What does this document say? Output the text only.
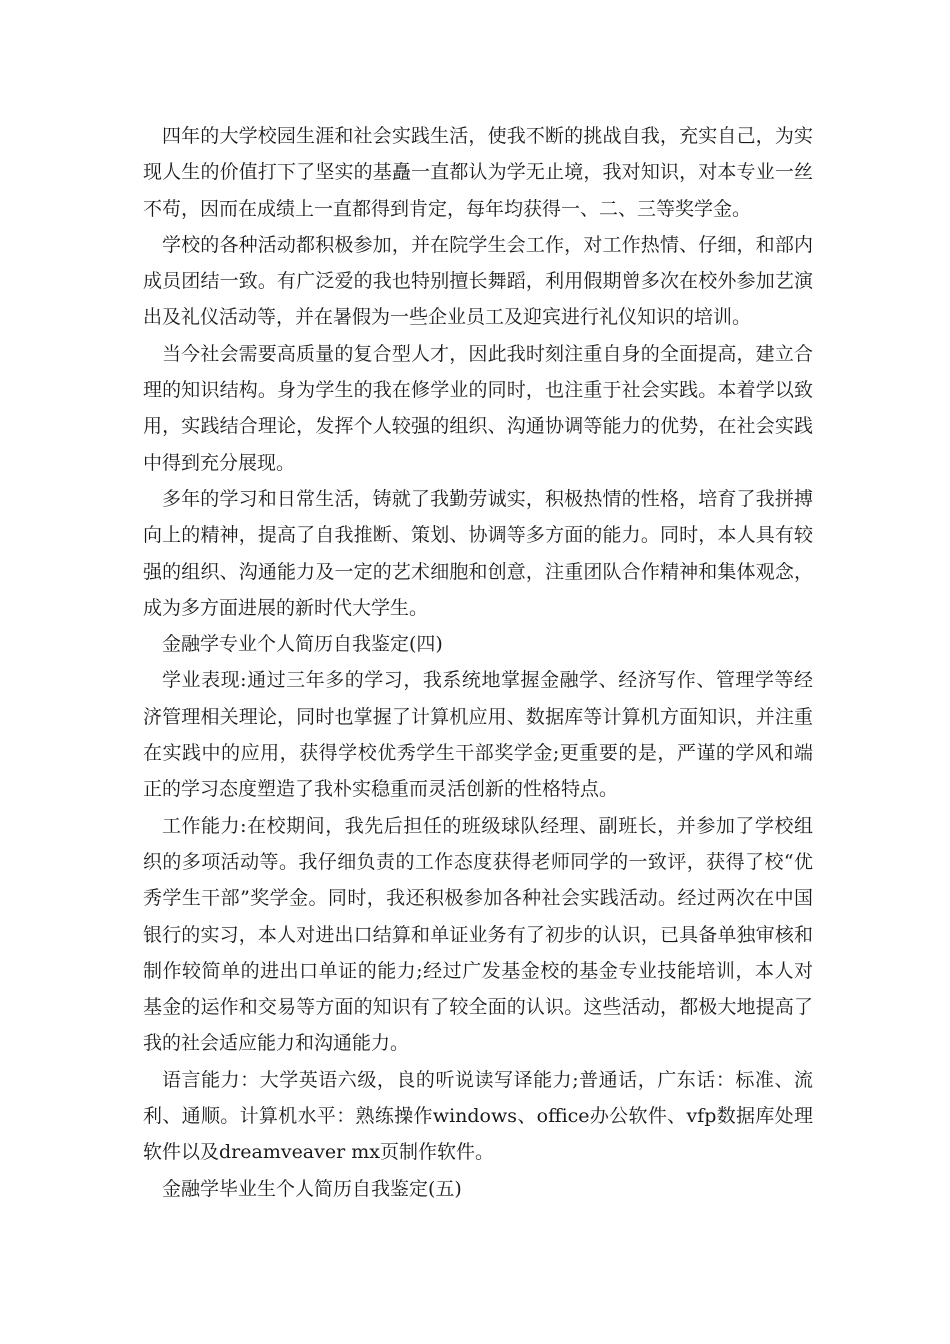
四年的大学校园生涯和社会实践生活，使我不断的挑战自我，充实自己，为实现人生的价值打下了坚实的基矗一直都认为学无止境，我对知识，对本专业一丝不苟，因而在成绩上一直都得到肯定，每年均获得一、二、三等奖学金。

学校的各种活动都积极参加，并在院学生会工作，对工作热情、仔细，和部内成员团结一致。有广泛爱的我也特别擅长舞蹈，利用假期曾多次在校外参加艺演出及礼仪活动等，并在暑假为一些企业员工及迎宾进行礼仪知识的培训。

当今社会需要高质量的复合型人才，因此我时刻注重自身的全面提高，建立合理的知识结构。身为学生的我在修学业的同时，也注重于社会实践。本着学以致用，实践结合理论，发挥个人较强的组织、沟通协调等能力的优势，在社会实践中得到充分展现。

多年的学习和日常生活，铸就了我勤劳诚实，积极热情的性格，培育了我拼搏向上的精神，提高了自我推断、策划、协调等多方面的能力。同时，本人具有较强的组织、沟通能力及一定的艺术细胞和创意，注重团队合作精神和集体观念，成为多方面进展的新时代大学生。

金融学专业个人简历自我鉴定(四)

学业表现:通过三年多的学习，我系统地掌握金融学、经济写作、管理学等经济管理相关理论，同时也掌握了计算机应用、数据库等计算机方面知识，并注重在实践中的应用，获得学校优秀学生干部奖学金;更重要的是，严谨的学风和端正的学习态度塑造了我朴实稳重而灵活创新的性格特点。

工作能力:在校期间，我先后担任的班级球队经理、副班长，并参加了学校组织的多项活动等。我仔细负责的工作态度获得老师同学的一致评，获得了校“优秀学生干部”奖学金。同时，我还积极参加各种社会实践活动。经过两次在中国银行的实习，本人对进出口结算和单证业务有了初步的认识，已具备单独审核和制作较简单的进出口单证的能力;经过广发基金校的基金专业技能培训，本人对基金的运作和交易等方面的知识有了较全面的认识。这些活动，都极大地提高了我的社会适应能力和沟通能力。

语言能力：大学英语六级，良的听说读写译能力;普通话，广东话：标准、流利、通顺。计算机水平：熟练操作windows、office办公软件、vfp数据库处理软件以及dreamveaver mx页制作软件。

金融学毕业生个人简历自我鉴定(五)
